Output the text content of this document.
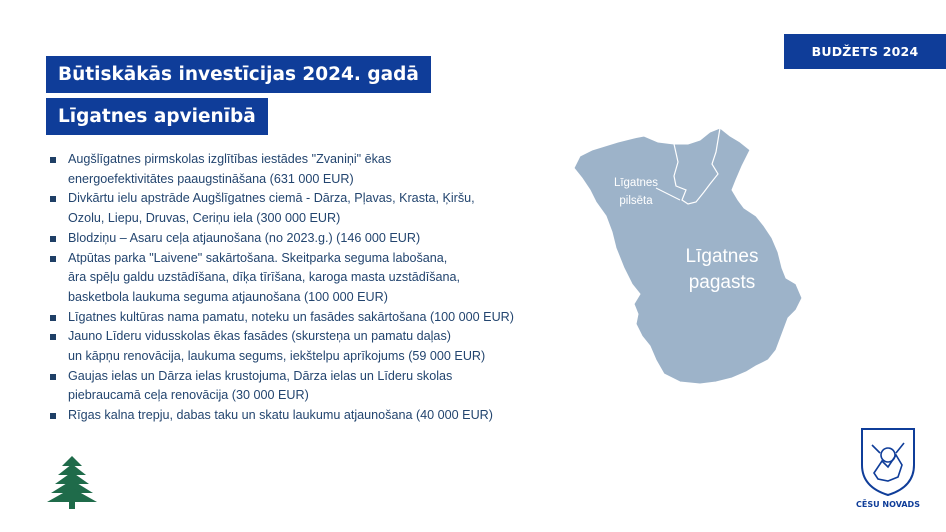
BUDŽETS 2024
Būtiskākās investīcijas 2024. gadā
Līgatnes apvienībā
Augšlīgatnes pirmskolas izglītības iestādes "Zvaniņi" ēkas
energoefektivitātes paaugstināšana (631 000 EUR)
Divkārtu ielu apstrāde Augšlīgatnes ciemā - Dārza, Pļavas, Krasta, Ķiršu,
Ozolu, Liepu, Druvas, Ceriņu iela (300 000 EUR)
Blodziņu – Asaru ceļa atjaunošana (no 2023.g.) (146 000 EUR)
Atpūtas parka "Laivene" sakārtošana. Skeitparka seguma labošana,
āra spēļu galdu uzstādīšana, dīķa tīrīšana, karoga masta uzstādīšana,
basketbola laukuma seguma atjaunošana (100 000 EUR)
Līgatnes kultūras nama pamatu, noteku un fasādes sakārtošana (100 000 EUR)
Jauno Līderu vidusskolas ēkas fasādes (skursteņa un pamatu daļas)
un kāpņu renovācija, laukuma segums, iekštelpu aprīkojums (59 000 EUR)
Gaujas ielas un Dārza ielas krustojuma, Dārza ielas un Līderu skolas
piebraucamā ceļa renovācija (30 000 EUR)
Rīgas kalna trepju, dabas taku un skatu laukumu atjaunošana (40 000 EUR)
Līgatnes
pilsēta
Līgatnes
pagasts
CĒSU NOVADS
